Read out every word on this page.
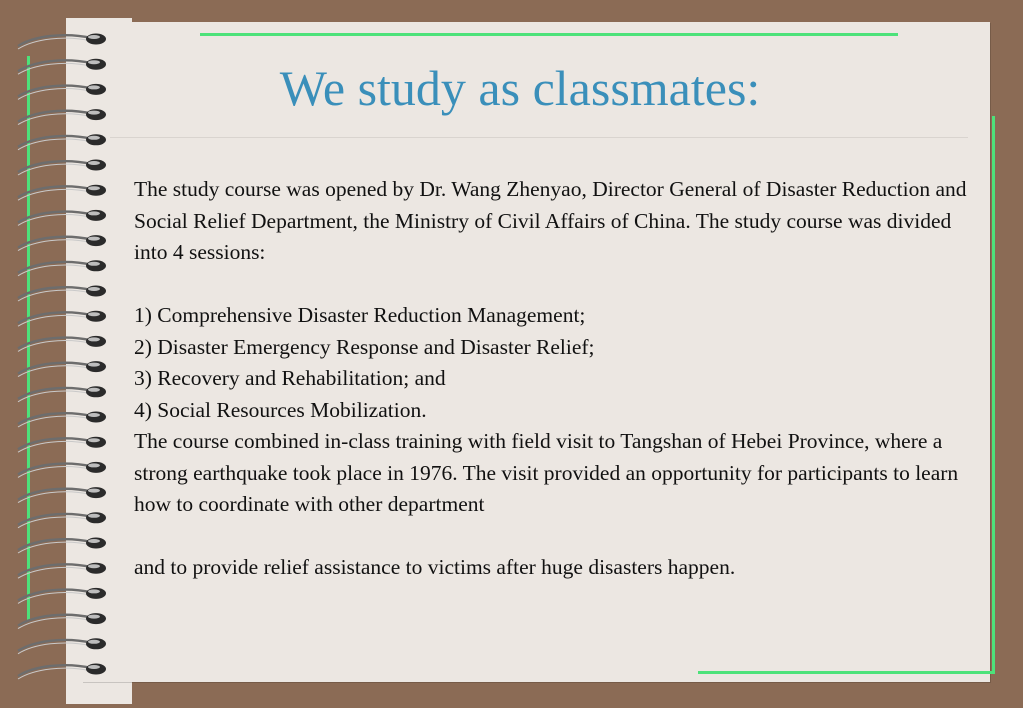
We study as classmates:

The study course was opened by Dr. Wang Zhenyao, Director General of Disaster Reduction and Social Relief Department, the Ministry of Civil Affairs of China. The study course was divided into 4 sessions:

1) Comprehensive Disaster Reduction Management;

2) Disaster Emergency Response and Disaster Relief;

3) Recovery and Rehabilitation; and

4) Social Resources Mobilization.

The course combined in-class training with field visit to Tangshan of Hebei Province, where a strong earthquake took place in 1976. The visit provided an opportunity for participants to learn how to coordinate with other department

and to provide relief assistance to victims after huge disasters happen.
